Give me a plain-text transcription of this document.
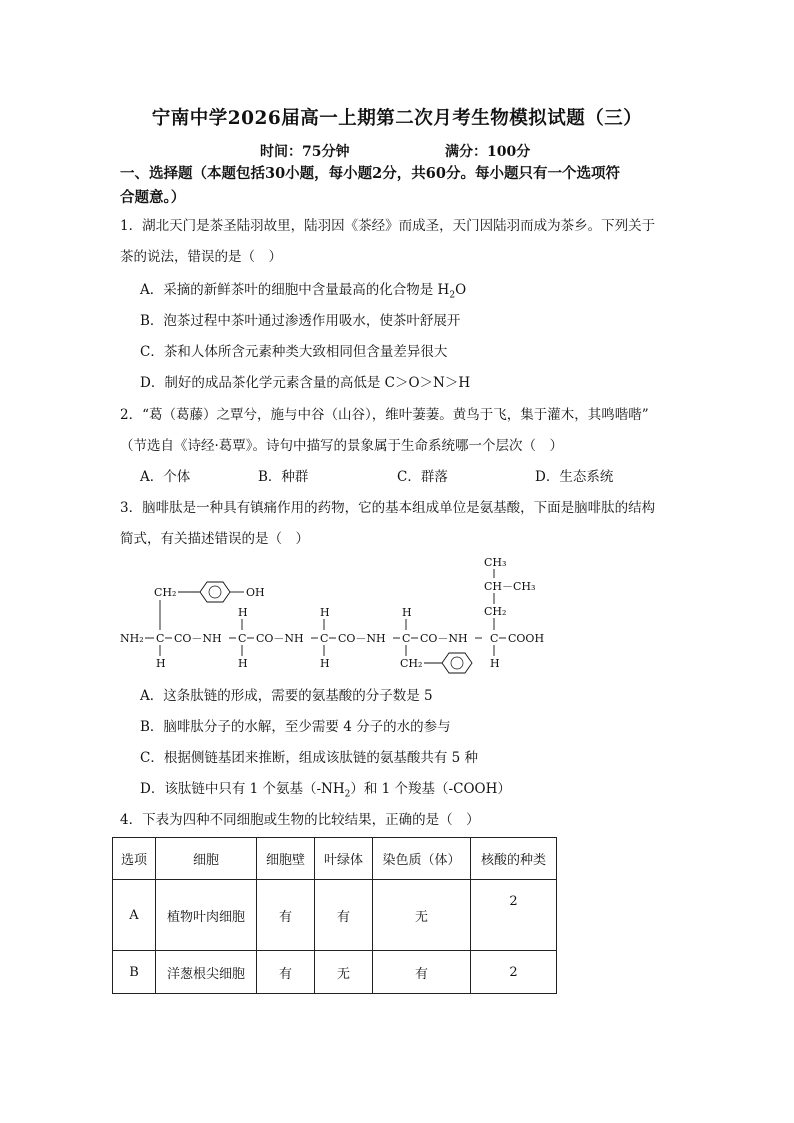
宁南中学2026届高一上期第二次月考生物模拟试题（三）
时间：75分钟	满分：100分
一、选择题（本题包括30小题，每小题2分，共60分。每小题只有一个选项符
合题意。）
1．湖北天门是茶圣陆羽故里，陆羽因《茶经》而成圣，天门因陆羽而成为茶乡。下列关于
茶的说法，错误的是（　）
A．采摘的新鲜茶叶的细胞中含量最高的化合物是 $H_2O$
B．泡茶过程中茶叶通过渗透作用吸水，使茶叶舒展开
C．茶和人体所含元素种类大致相同但含量差异很大
D．制好的成品茶化学元素含量的高低是 C＞O＞N＞H
2．“葛（葛藤）之覃兮，施与中谷（山谷），维叶萋萋。黄鸟于飞，集于灌木，其鸣喈喈”
（节选自《诗经·葛覃》。诗句中描写的景象属于生命系统哪一个层次（　）
A．个体	B．种群	C．群落	D．生态系统
3．脑啡肽是一种具有镇痛作用的药物，它的基本组成单位是氨基酸，下面是脑啡肽的结构
简式，有关描述错误的是（　）
CH₃
CH－CH₃
CH₂
CH₂	OH
H	H	H
NH₂ C CO－NH C CO－NH C CO－NH C CO－NH C COOH
H	H	H	CH₂	H
A．这条肽链的形成，需要的氨基酸的分子数是 5
B．脑啡肽分子的水解，至少需要 4 分子的水的参与
C．根据侧链基团来推断，组成该肽链的氨基酸共有 5 种
D．该肽链中只有 1 个氨基$(-NH_2)$和 1 个羧基（-COOH）
4．下表为四种不同细胞或生物的比较结果，正确的是（　）
选项	细胞	细胞壁	叶绿体	染色质（体）	核酸的种类
A	植物叶肉细胞	有	有	无	2
B	洋葱根尖细胞	有	无	有	2
